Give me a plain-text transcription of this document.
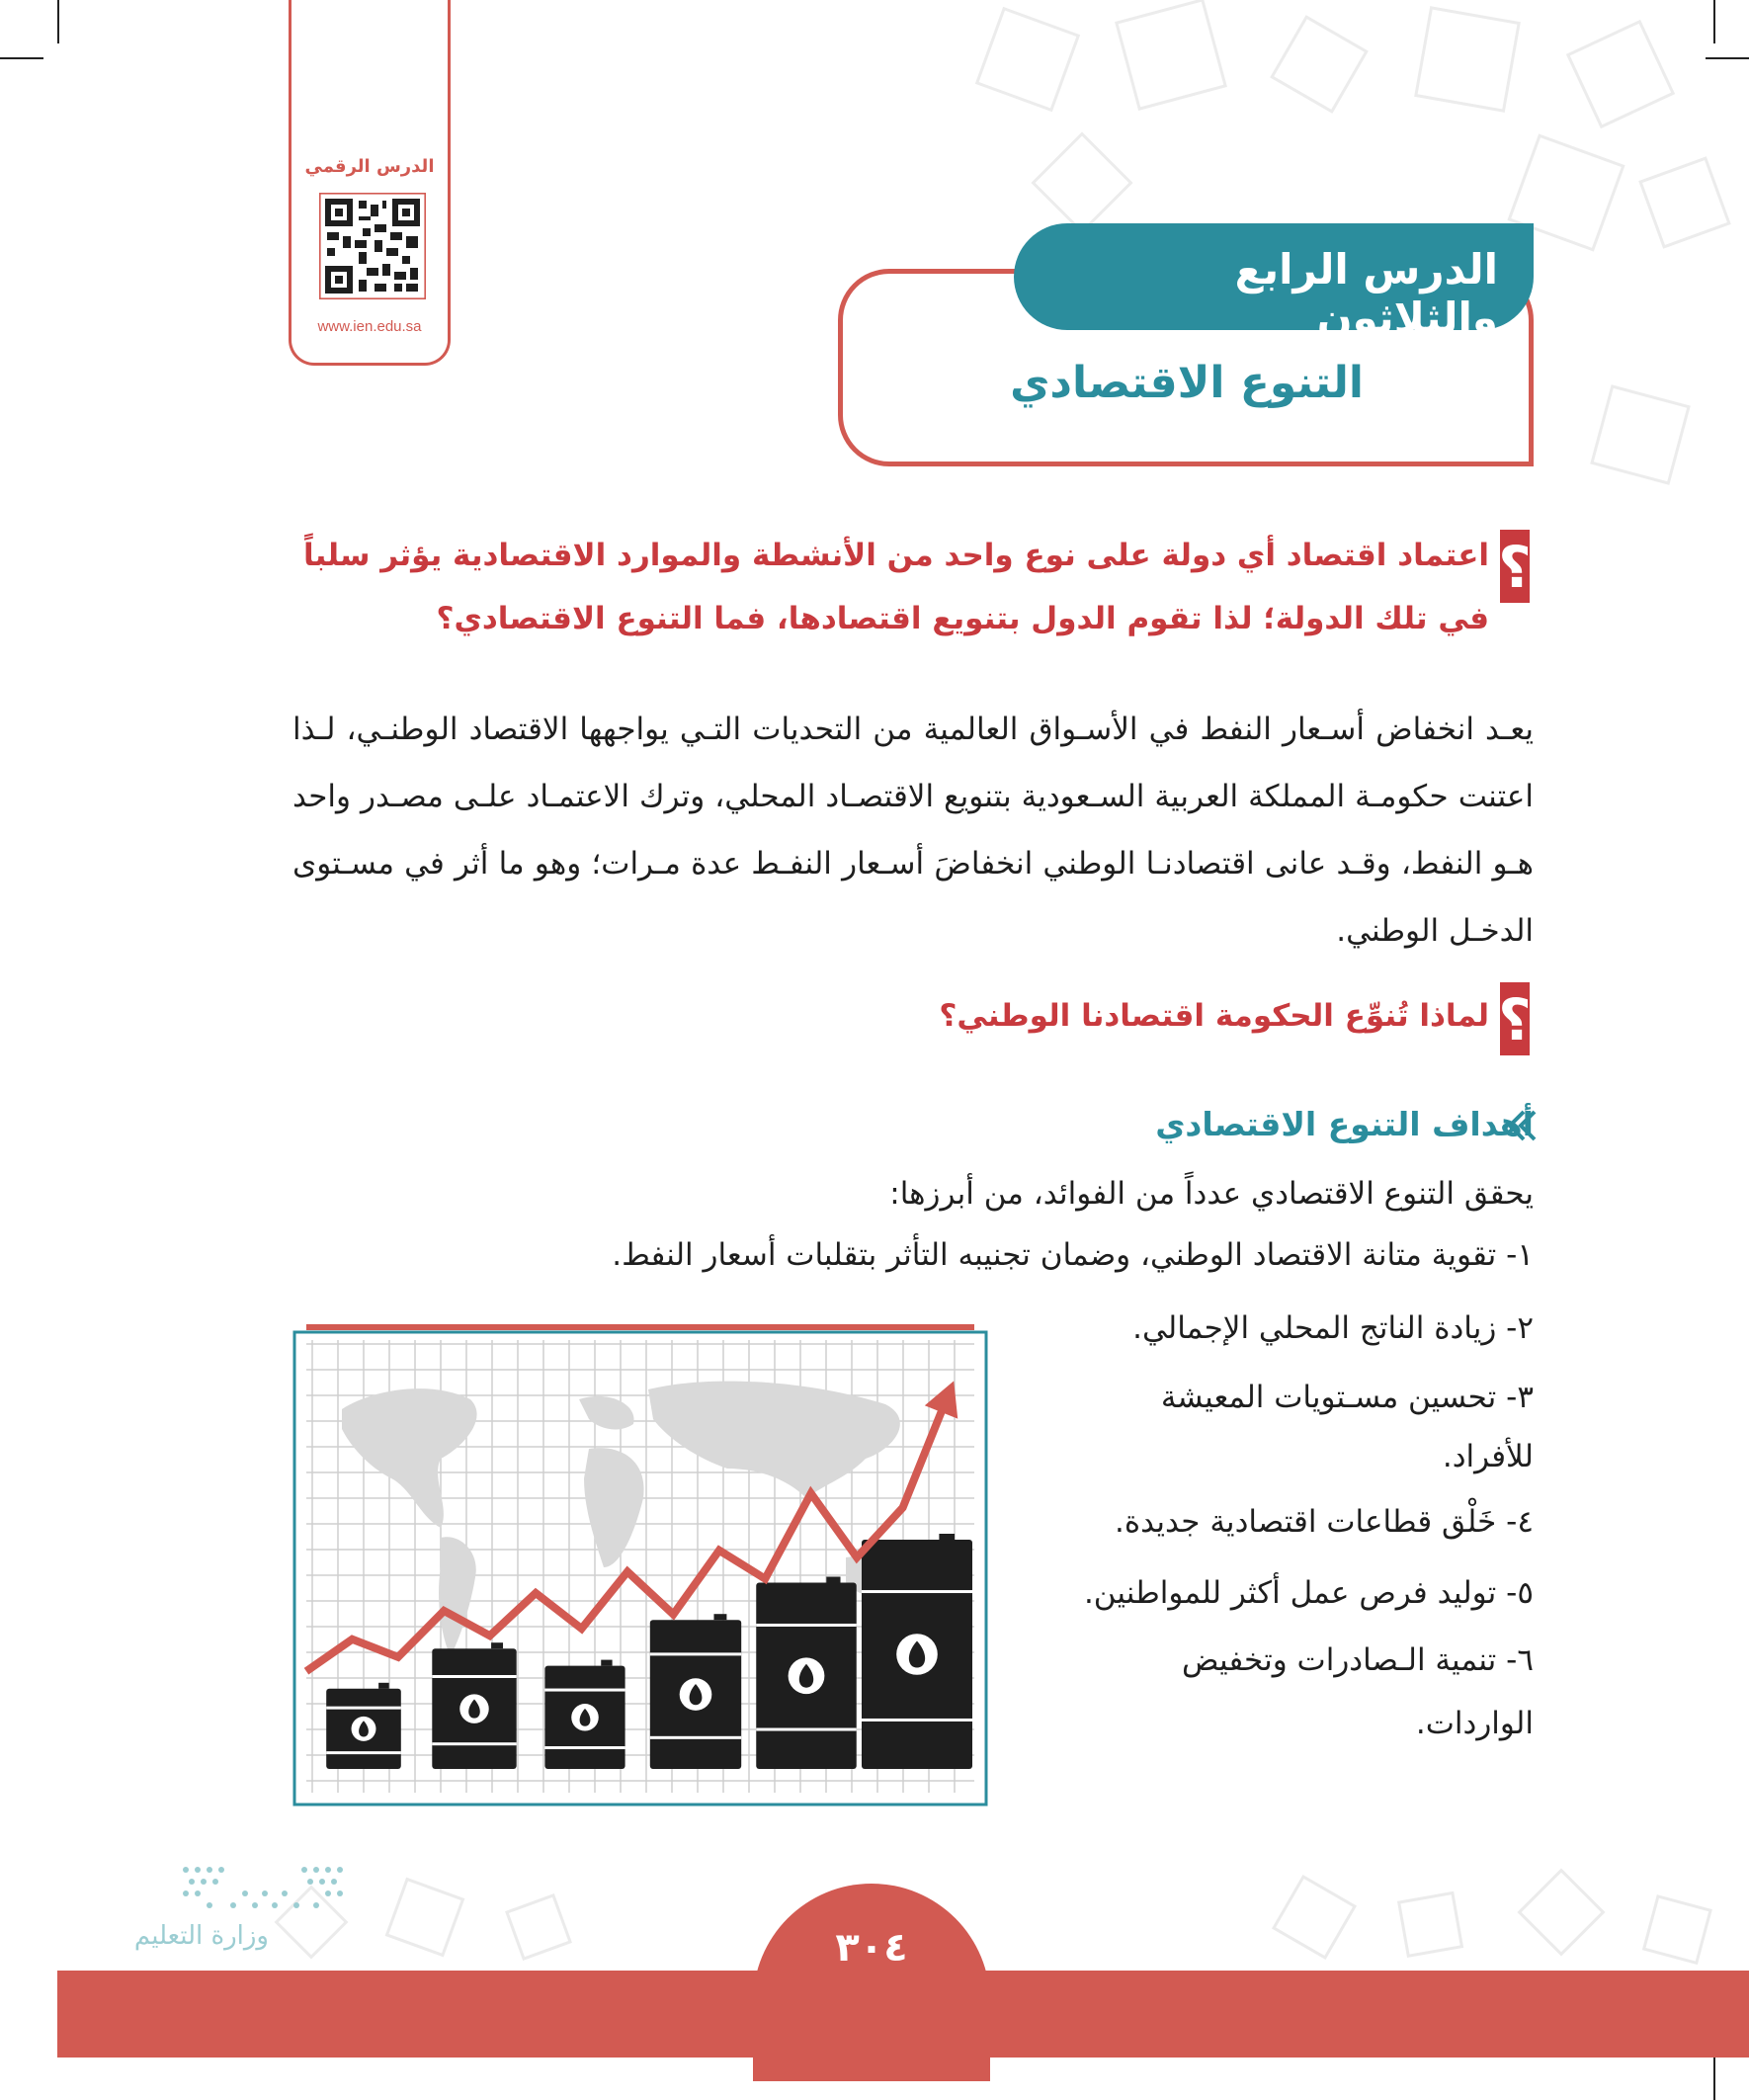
الدرس الرقمي
www.ien.edu.sa
الدرس الرابع والثلاثون
التنوع الاقتصادي
؟
اعتماد اقتصاد أي دولة على نوع واحد من الأنشطة والموارد الاقتصادية يؤثر سلباً
في تلك الدولة؛ لذا تقوم الدول بتنويع اقتصادها، فما التنوع الاقتصادي؟
يعـد انخفاض أسـعار النفط في الأسـواق العالمية من التحديات التـي يواجهها الاقتصاد الوطنـي، لـذا اعتنت حكومـة المملكة العربية السـعودية بتنويع الاقتصـاد المحلي، وترك الاعتمـاد علـى مصـدر واحد هـو النفط، وقـد عانى اقتصادنـا الوطني انخفاضَ أسـعار النفـط عدة مـرات؛ وهو ما أثر في مسـتوى الدخـل الوطني.
؟
لماذا تُنوِّع الحكومة اقتصادنا الوطني؟
أهداف التنوع الاقتصادي
يحقق التنوع الاقتصادي عدداً من الفوائد، من أبرزها:
١- تقوية متانة الاقتصاد الوطني، وضمان تجنيبه التأثر بتقلبات أسعار النفط.
٢- زيادة الناتج المحلي الإجمالي.
٣- تحسين مسـتويات المعيشة
للأفراد.
٤- خَلْق قطاعات اقتصادية جديدة.
٥- توليد فرص عمل أكثر للمواطنين.
٦- تنمية الـصادرات وتخفيض
الواردات.
وزارة التعليم	٣٠٤
